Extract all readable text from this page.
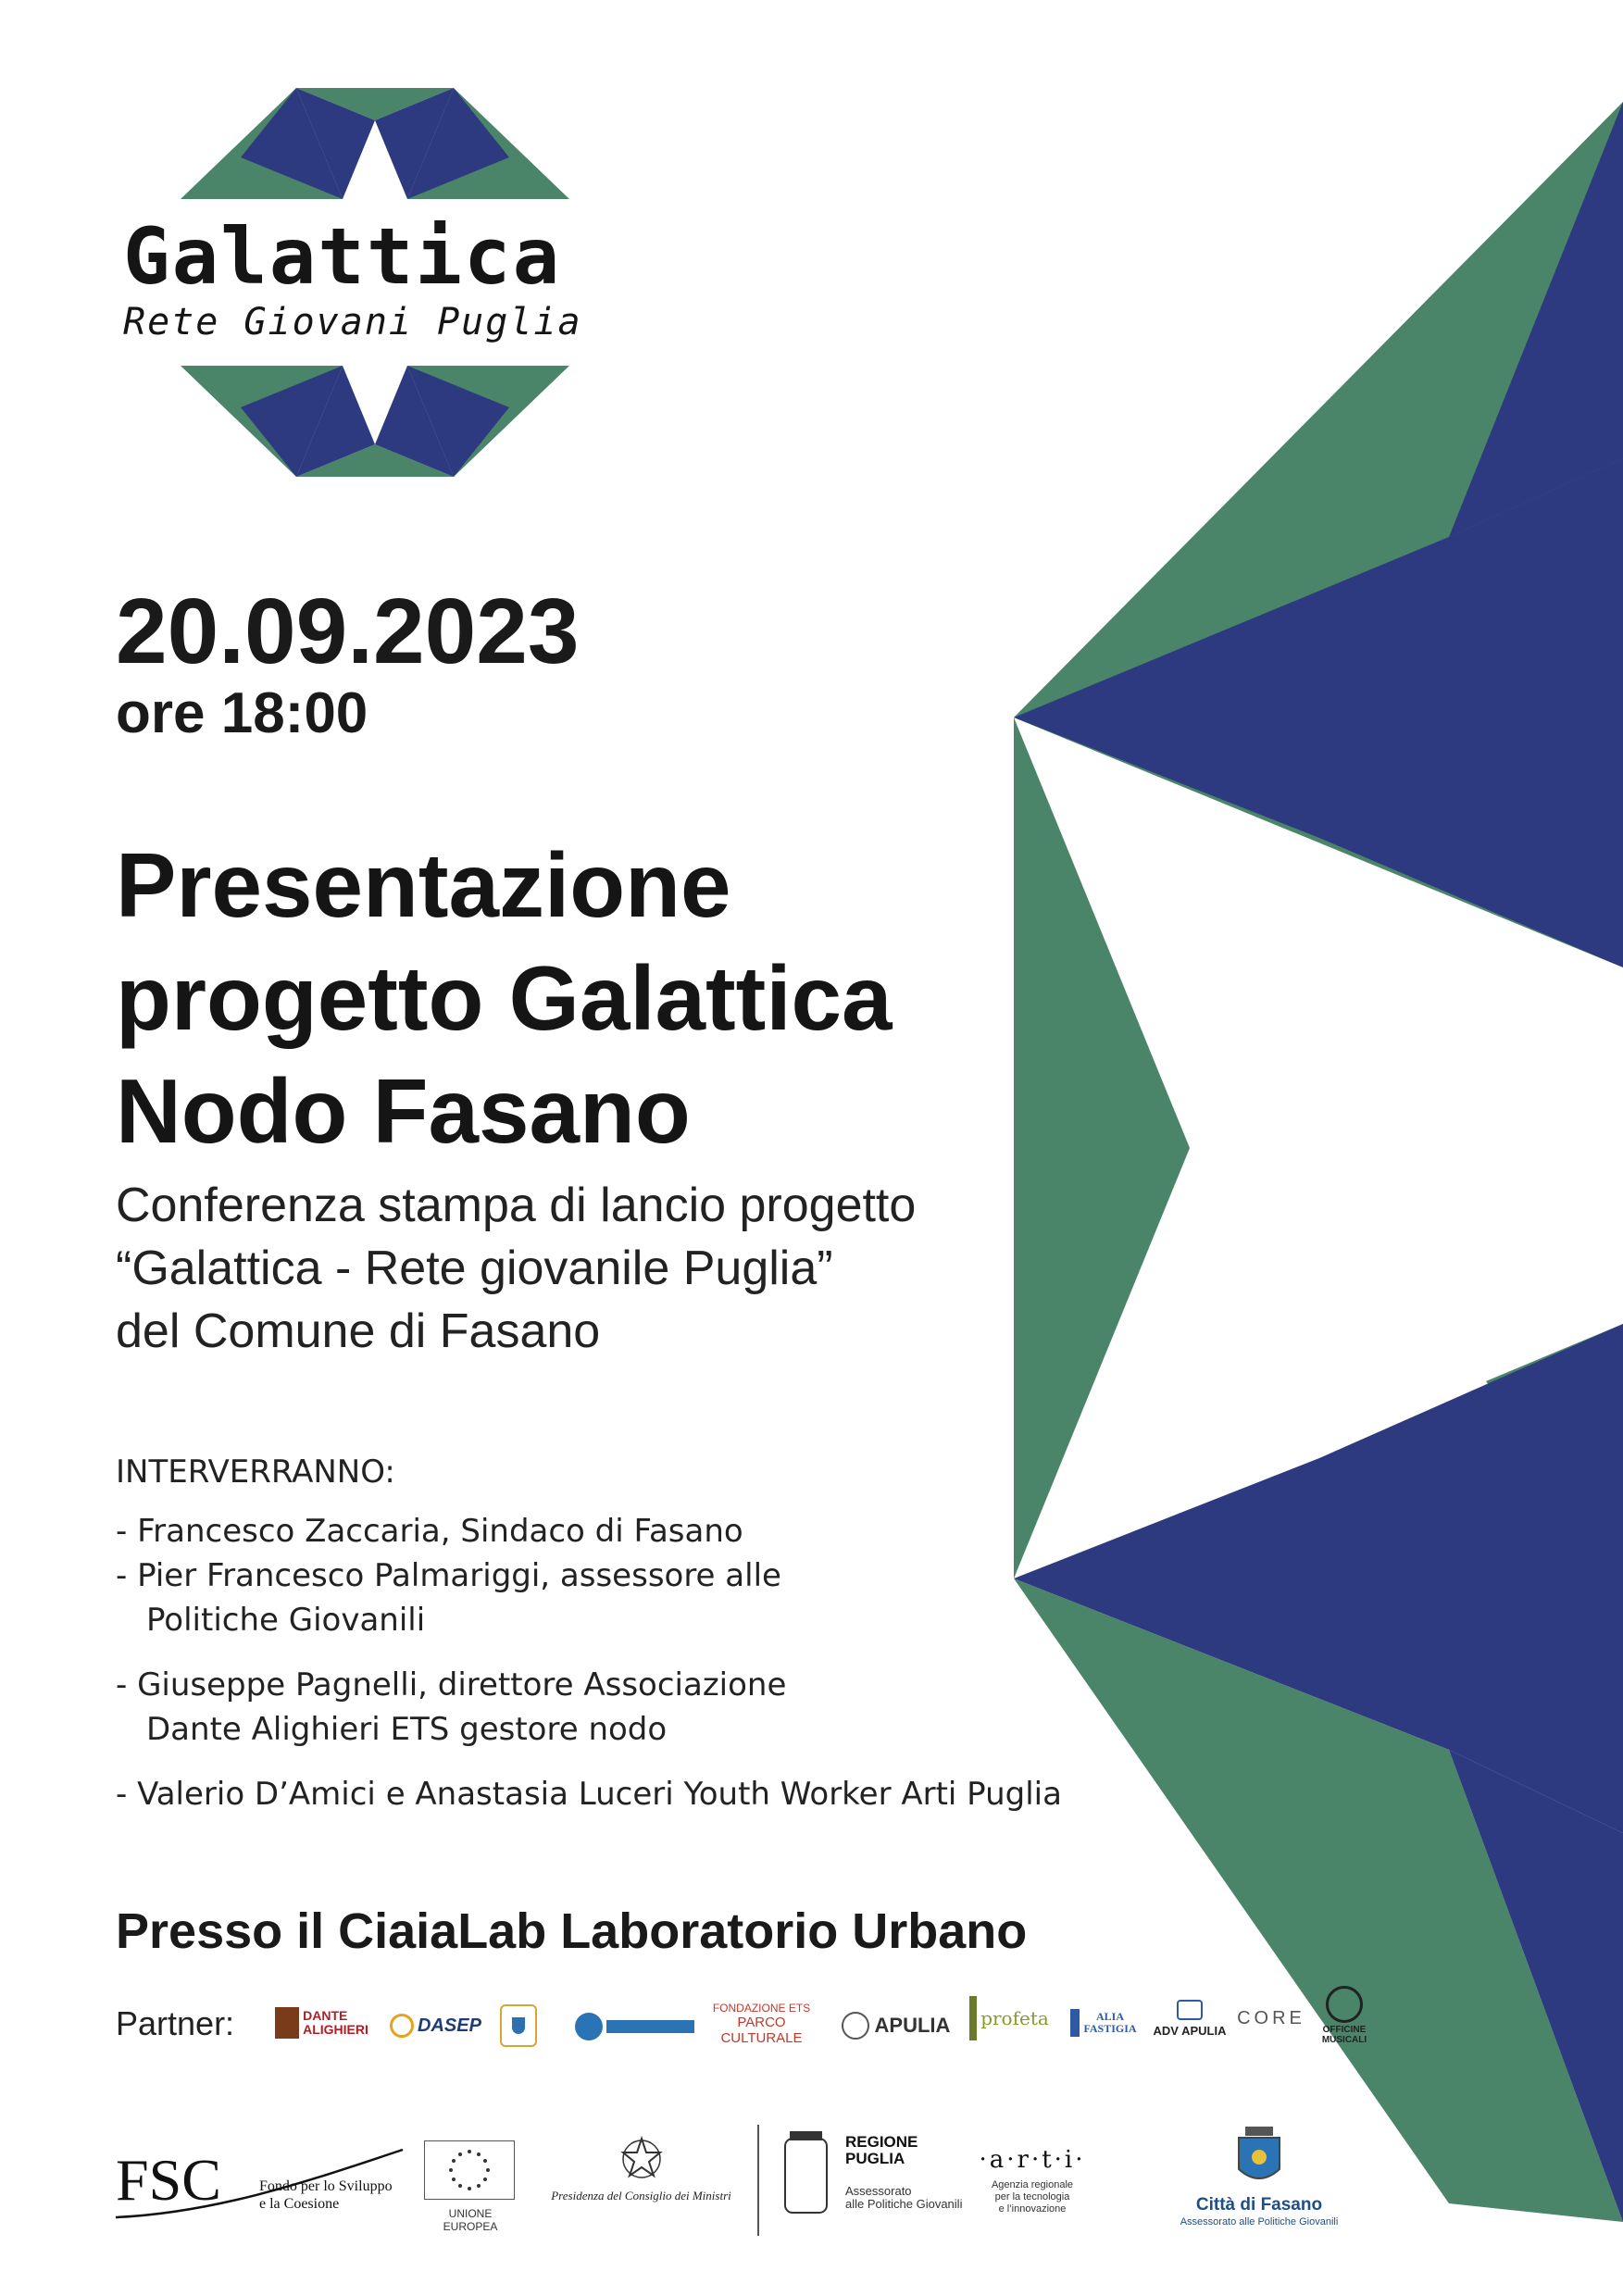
Galattica
Rete Giovani Puglia
20.09.2023
ore 18:00
Presentazione
progetto Galattica
Nodo Fasano
Conferenza stampa di lancio progetto
“Galattica - Rete giovanile Puglia”
del Comune di Fasano
INTERVERRANNO:
- Francesco Zaccaria, Sindaco di Fasano
- Pier Francesco Palmariggi, assessore alle
Politiche Giovanili
- Giuseppe Pagnelli, direttore Associazione
Dante Alighieri ETS gestore nodo
- Valerio D’Amici e Anastasia Luceri Youth Worker Arti Puglia
Presso il CiaiaLab Laboratorio Urbano
Partner:	DANTE
ALIGHIERI	DASEP
FONDAZIONE ETS
PARCO CULTURALE
APULIA profeta	ALIA
FASTIGIA ADV APULIA
CORE
OFFICINE
MUSICALI
FSC	Fondo per lo Sviluppo
e la Coesione
UNIONE EUROPEA
Presidenza del Consiglio dei Ministri
REGIONE
PUGLIA
Assessorato
alle Politiche Giovanili
·a·r·t·i·
Agenzia regionale
per la tecnologia
e l’innovazione	Città di Fasano
Assessorato alle Politiche Giovanili
